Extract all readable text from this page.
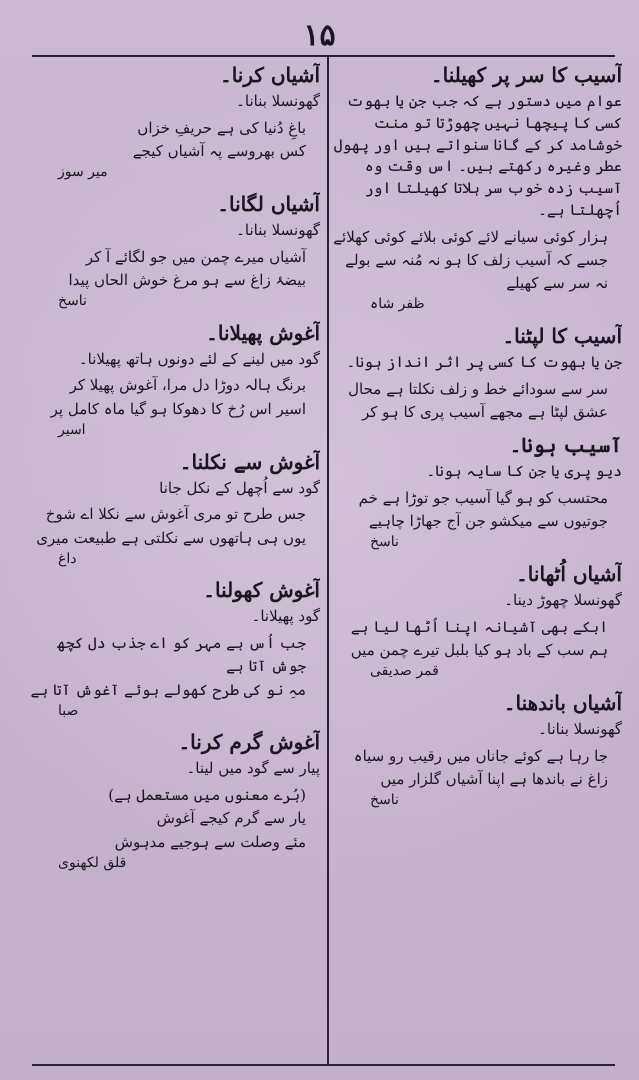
۱۵
آسیب کا سر پر کھیلنا۔
عوام میں دستور ہے کہ جب جن یا بھوت کسی کا پیچھا نہیں چھوڑتا تو منت خوشامد کر کے گانا سنواتے ہیں اور پھول عطر وغیرہ رکھتے ہیں۔ اس وقت وہ آسیب زدہ خوب سر ہلاتا کھیلتا اور اُچھلتا ہے۔
ہزار کوئی سیانے لائے کوئی بلائے کوئی کھلائے
جسے کہ آسیب زلف کا ہو نہ مُنہ سے بولے نہ سر سے کھیلے
ظفر شاہ
آسیب کا لپٹنا۔
جن یا بھوت کا کسی پر اثر انداز ہونا۔
سر سے سودائے خط و زلف نکلتا ہے محال
عشق لپٹا ہے مجھے آسیب پری کا ہو کر
آسیب ہونا۔
دیو پری یا جن کا سایہ ہونا۔
محتسب کو ہو گیا آسیب جو توڑا ہے خم
جوتیوں سے میکشو جن آج جھاڑا چاہیے
ناسخ
آشیاں اُٹھانا۔
گھونسلا چھوڑ دینا۔
ابکے بھی آشیانہ اپنا اُٹھا لیا ہے
ہم سب کے باد ہو کیا بلبل تیرے چمن میں
قمر صدیقی
آشیاں باندھنا۔
گھونسلا بنانا۔
جا رہا ہے کوئے جاناں میں رقیب رو سیاہ
زاغ نے باندھا ہے اپنا آشیاں گلزار میں
ناسخ
آشیاں کرنا۔
گھونسلا بنانا۔
باغِ دُنیا کی ہے حریفِ خزاں
کس بھروسے پہ آشیاں کیجے
میر سوز
آشیاں لگانا۔
گھونسلا بنانا۔
آشیاں میرے چمن میں جو لگائے آ کر
بیضۂ زاغ سے ہو مرغ خوش الحاں پیدا
ناسخ
آغوش پھیلانا۔
گود میں لینے کے لئے دونوں ہاتھ پھیلانا۔
برنگ ہالہ دوڑا دل مرا، آغوش پھیلا کر
اسیر اس رُخ کا دھوکا ہو گیا ماہ کامل پر
اسیر
آغوش سے نکلنا۔
گود سے اُچھل کے نکل جانا
جس طرح تو مری آغوش سے نکلا اے شوخ
یوں ہی ہاتھوں سے نکلتی ہے طبیعت میری
داغ
آغوش کھولنا۔
گود پھیلانا۔
جب اُس بے مہر کو اے جذب دل کچھ جوش آتا ہے
مہِ نو کی طرح کھولے ہوئے آغوش آتا ہے
صبا
آغوش گرم کرنا۔
پیار سے گود میں لینا۔
(بُرے معنوں میں مستعمل ہے)
یار سے گرم کیجے آغوش
مئے وصلت سے ہوجیے مدہوش
قلق لکھنوی
